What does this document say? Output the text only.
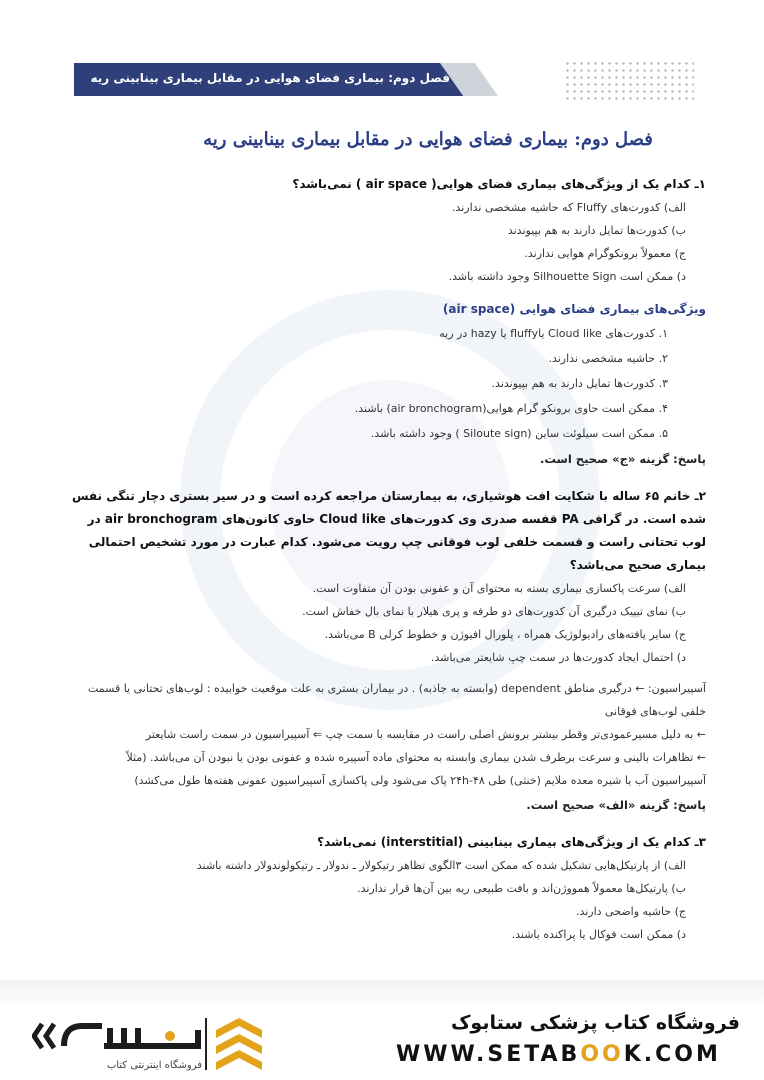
فصل دوم: بیماری فضای هوایی در مقابل بیماری بینابینی ریه
فصل دوم: بیماری فضای هوایی در مقابل بیماری بینابینی ریه
۱ـ کدام یک از ویژگی‌های بیماری فضای هوایی( air space ) نمی‌باشد؟
الف) کدورت‌های Fluffy که حاشیه مشخصی ندارند.
ب) کدورت‌ها تمایل دارند به هم بپیوندند
ج) معمولاً برونکوگرام هوایی ندارند.
د) ممکن است Silhouette Sign وجود داشته باشد.
ویژگی‌های بیماری فضای هوایی (air space)
۱. کدورت‌های Cloud like یاfluffy یا hazy در ریه
۲. حاشیه مشخصی ندارند.
۳. کدورت‌ها تمایل دارند به هم بپیوندند.
۴. ممکن است حاوی برونکو گرام هوایی(air bronchogram) باشند.
۵. ممکن است سیلوئت ساین (Siloute sign ) وجود داشته باشد.
پاسخ: گزینه «ج» صحیح است.
۲ـ خانم ۶۵ ساله با شکایت افت هوشیاری، به بیمارستان مراجعه کرده است و در سیر بستری دچار تنگی نفس شده است. در گرافی PA قفسه صدری وی کدورت‌های Cloud like حاوی کانون‌های air bronchogram در لوب تحتانی راست و قسمت خلفی لوب فوقانی چپ رویت می‌شود. کدام عبارت در مورد تشخیص احتمالی بیماری صحیح می‌باشد؟
الف) سرعت پاکسازی بیماری بسته به محتوای آن و عفونی بودن آن متفاوت است.
ب) نمای تیپیک درگیری آن کدورت‌های دو طرفه و پری هیلار با نمای بال خفاش است.
ج) سایر یافته‌های رادیولوژیک همراه ، پلورال افیوژن و خطوط کرلی B می‌باشد.
د) احتمال ایجاد کدورت‌ها در سمت چپ شایعتر می‌باشد.
آسپیراسیون: ← درگیری مناطق dependent (وابسته به جاذبه) . در بیماران بستری به علت موقعیت خوابیده : لوب‌های تحتانی یا قسمت خلفی لوب‌های فوقانی
← به دلیل مسیرعمودی‌تر وقطر بیشتر برونش اصلی راست در مقایسه با سمت چپ ⇐ آسپیراسیون در سمت راست شایعتر
← تظاهرات بالینی و سرعت برطرف شدن بیماری وابسته به محتوای ماده آسپیره شده و عفونی بودن یا نبودن آن می‌باشد. (مثلاً آسپیراسیون آب یا شیره معده ملایم (خنثی) طی ۲۴h-۴۸ پاک می‌شود ولی پاکسازی آسپیراسیون عفونی هفته‌ها طول می‌کشد)
پاسخ: گزینه «الف» صحیح است.
۳ـ کدام یک از ویژگی‌های بیماری بینابینی (interstitial) نمی‌باشد؟
الف) از پارتیکل‌هایی تشکیل شده که ممکن است ۳الگوی تظاهر رتیکولار ـ ندولار ـ رتیکولوندولار داشته باشند
ب) پارتیکل‌ها معمولاً همووژن‌اند و بافت طبیعی ریه بین آن‌ها قرار ندارند.
ج) حاشیه واضحی دارند.
د) ممکن است فوکال یا پراکنده باشند.
فروشگاه اینترنتی کتاب
فروشگاه کتاب پزشکی ستابوک
WWW.SETABOOK.COM
